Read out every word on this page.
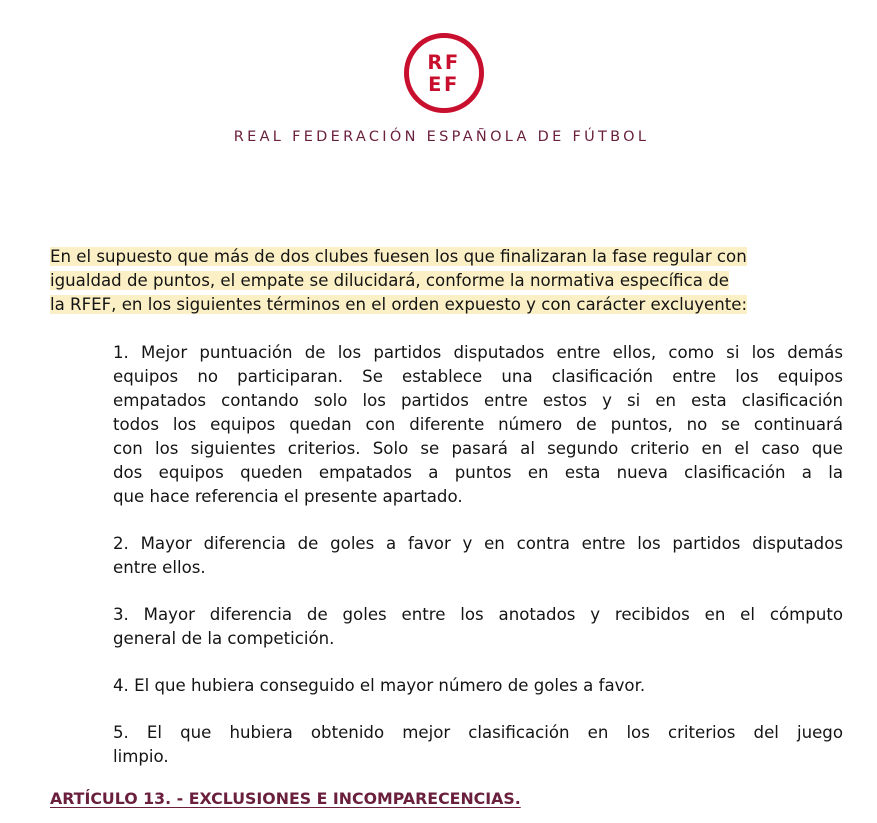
RF
EF
REAL FEDERACIÓN ESPAÑOLA DE FÚTBOL
En el supuesto que más de dos clubes fuesen los que finalizaran la fase regular con
igualdad de puntos, el empate se dilucidará, conforme la normativa específica de
la RFEF, en los siguientes términos en el orden expuesto y con carácter excluyente:
1. Mejor puntuación de los partidos disputados entre ellos, como si los demás
equipos no participaran. Se establece una clasificación entre los equipos
empatados contando solo los partidos entre estos y si en esta clasificación
todos los equipos quedan con diferente número de puntos, no se continuará
con los siguientes criterios. Solo se pasará al segundo criterio en el caso que
dos equipos queden empatados a puntos en esta nueva clasificación a la
que hace referencia el presente apartado.
2. Mayor diferencia de goles a favor y en contra entre los partidos disputados
entre ellos.
3. Mayor diferencia de goles entre los anotados y recibidos en el cómputo
general de la competición.
4. El que hubiera conseguido el mayor número de goles a favor.
5. El que hubiera obtenido mejor clasificación en los criterios del juego
limpio.
ARTÍCULO 13. - EXCLUSIONES E INCOMPARECENCIAS.
